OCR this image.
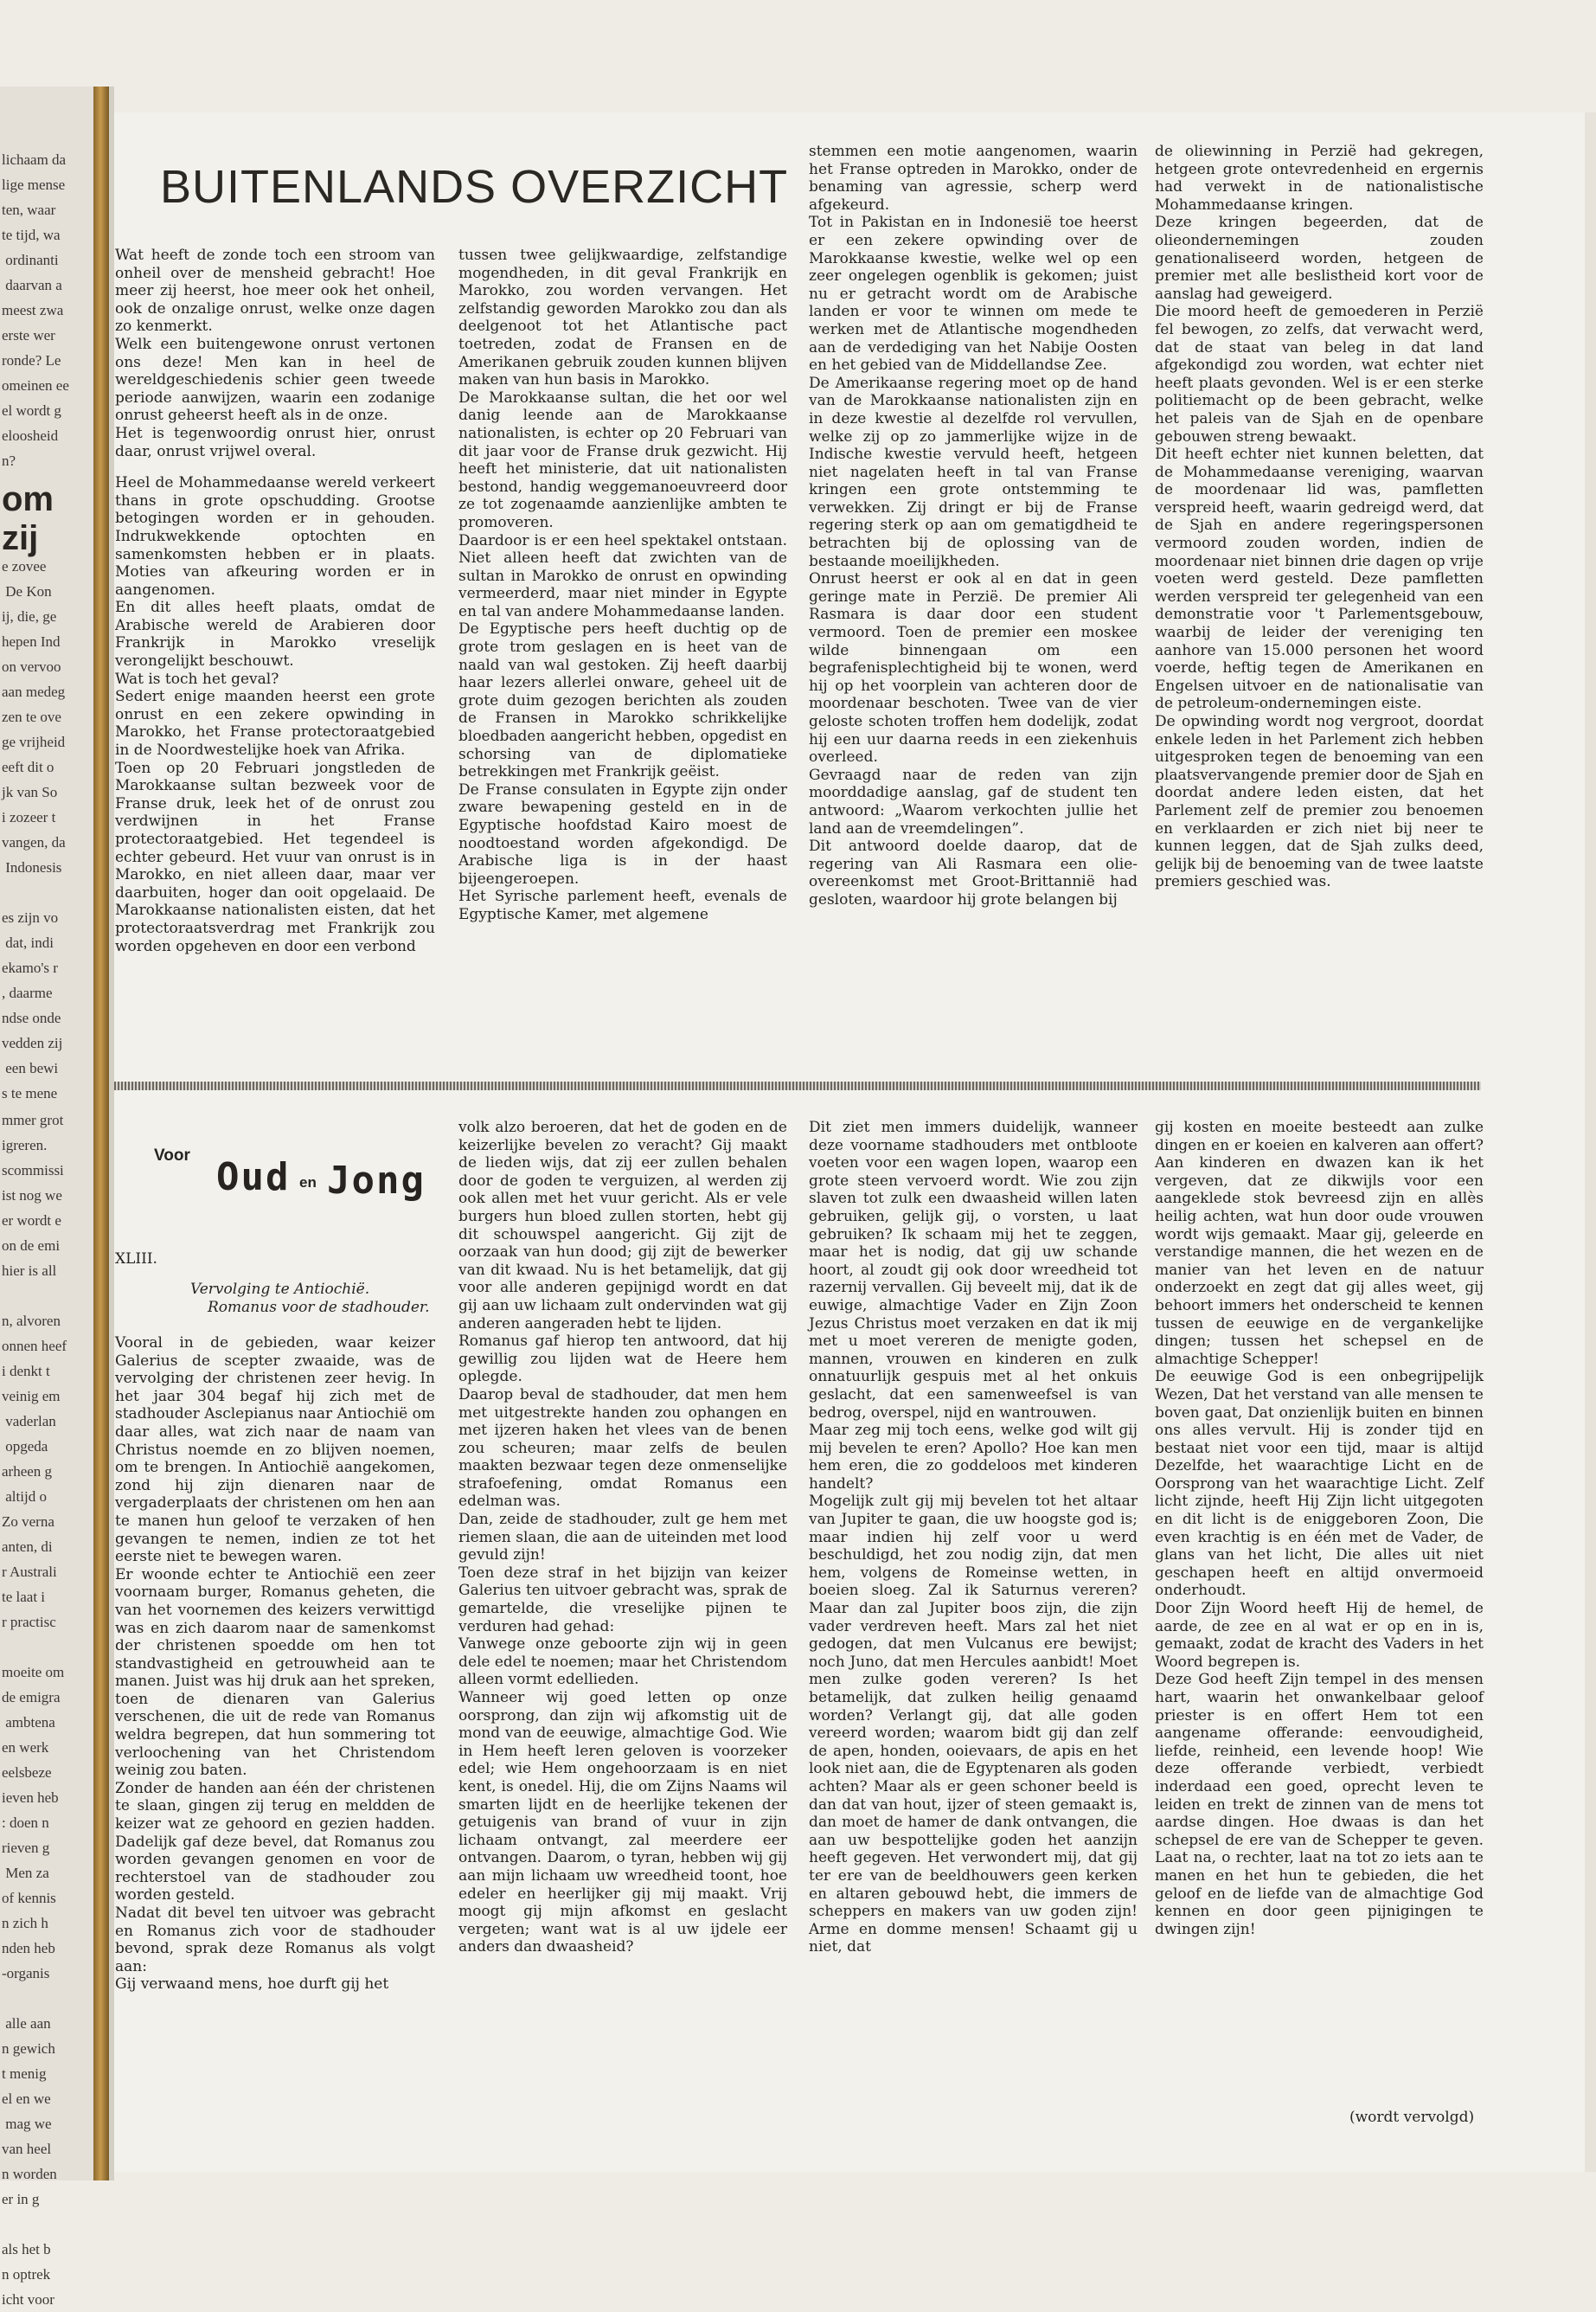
lichaam da
lige mense
ten, waar
te tijd, wa
ordinanti
daarvan a
meest zwa
erste wer
ronde? Le
omeinen ee
el wordt g
eloosheid
n?
om zij
e zovee
De Kon
ij, die, ge
hepen Ind
on vervoo
aan medeg
zen te ove
ge vrijheid
eeft dit o
jk van So
i zozeer t
vangen, da
Indonesis

es zijn vo
dat, indi
ekamo's r
, daarme
ndse onde
vedden zij
een bewi
s te mene
mmer grot
igreren.
scommissi
ist nog we
er wordt e
on de emi
hier is all

n, alvoren
onnen heef
i denkt t
veinig em
vaderlan
opgeda
arheen g
altijd o
Zo verna
anten, di
r Australi
te laat i
r practisc

moeite om
de emigra
ambtena
en werk
eelsbeze
ieven heb
: doen n
rieven g
Men za
of kennis
n zich h
nden heb
-organis

alle aan
n gewich
t menig
el en we
mag we
van heel
n worden
er in g

als het b
n optrek
icht voor
BUITENLANDS OVERZICHT

Wat heeft de zonde toch een stroom van onheil over de mensheid gebracht! Hoe meer zij heerst, hoe meer ook het onheil, ook de onzalige onrust, welke onze dagen zo kenmerkt.

Welk een buitengewone onrust vertonen ons deze! Men kan in heel de wereldgeschiedenis schier geen tweede periode aanwijzen, waarin een zodanige onrust geheerst heeft als in de onze.

Het is tegenwoordig onrust hier, onrust daar, onrust vrijwel overal.

Heel de Mohammedaanse wereld verkeert thans in grote opschudding. Grootse betogingen worden er in gehouden. Indrukwekkende optochten en samenkomsten hebben er in plaats. Moties van afkeuring worden er in aangenomen.

En dit alles heeft plaats, omdat de Arabische wereld de Arabieren door Frankrijk in Marokko vreselijk verongelijkt beschouwt.

Wat is toch het geval?

Sedert enige maanden heerst een grote onrust en een zekere opwinding in Marokko, het Franse protectoraatgebied in de Noordwestelijke hoek van Afrika.

Toen op 20 Februari jongstleden de Marokkaanse sultan bezweek voor de Franse druk, leek het of de onrust zou verdwijnen in het Franse protectoraatgebied. Het tegendeel is echter gebeurd. Het vuur van onrust is in Marokko, en niet alleen daar, maar ver daarbuiten, hoger dan ooit opgelaaid. De Marokkaanse nationalisten eisten, dat het protectoraatsverdrag met Frankrijk zou worden opgeheven en door een verbond

tussen twee gelijkwaardige, zelfstandige mogendheden, in dit geval Frankrijk en Marokko, zou worden vervangen. Het zelfstandig geworden Marokko zou dan als deelgenoot tot het Atlantische pact toetreden, zodat de Fransen en de Amerikanen gebruik zouden kunnen blijven maken van hun basis in Marokko.

De Marokkaanse sultan, die het oor wel danig leende aan de Marokkaanse nationalisten, is echter op 20 Februari van dit jaar voor de Franse druk gezwicht. Hij heeft het ministerie, dat uit nationalisten bestond, handig weggemanoeuvreerd door ze tot zogenaamde aanzienlijke ambten te promoveren.

Daardoor is er een heel spektakel ontstaan. Niet alleen heeft dat zwichten van de sultan in Marokko de onrust en opwinding vermeerderd, maar niet minder in Egypte en tal van andere Mohammedaanse landen.

De Egyptische pers heeft duchtig op de grote trom geslagen en is heet van de naald van wal gestoken. Zij heeft daarbij haar lezers allerlei onware, geheel uit de grote duim gezogen berichten als zouden de Fransen in Marokko schrikkelijke bloedbaden aangericht hebben, opgedist en schorsing van de diplomatieke betrekkingen met Frankrijk geëist.

De Franse consulaten in Egypte zijn onder zware bewapening gesteld en in de Egyptische hoofdstad Kairo moest de noodtoestand worden afgekondigd. De Arabische liga is in der haast bijeengeroepen.

Het Syrische parlement heeft, evenals de Egyptische Kamer, met algemene

stemmen een motie aangenomen, waarin het Franse optreden in Marokko, onder de benaming van agressie, scherp werd afgekeurd.

Tot in Pakistan en in Indonesië toe heerst er een zekere opwinding over de Marokkaanse kwestie, welke wel op een zeer ongelegen ogenblik is gekomen; juist nu er getracht wordt om de Arabische landen er voor te winnen om mede te werken met de Atlantische mogendheden aan de verdediging van het Nabije Oosten en het gebied van de Middellandse Zee.

De Amerikaanse regering moet op de hand van de Marokkaanse nationalisten zijn en in deze kwestie al dezelfde rol vervullen, welke zij op zo jammerlijke wijze in de Indische kwestie vervuld heeft, hetgeen niet nagelaten heeft in tal van Franse kringen een grote ontstemming te verwekken. Zij dringt er bij de Franse regering sterk op aan om gematigdheid te betrachten bij de oplossing van de bestaande moeilijkheden.

Onrust heerst er ook al en dat in geen geringe mate in Perzië. De premier Ali Rasmara is daar door een student vermoord. Toen de premier een moskee wilde binnengaan om een begrafenisplechtigheid bij te wonen, werd hij op het voorplein van achteren door de moordenaar beschoten. Twee van de vier geloste schoten troffen hem dodelijk, zodat hij een uur daarna reeds in een ziekenhuis overleed.

Gevraagd naar de reden van zijn moorddadige aanslag, gaf de student ten antwoord: „Waarom verkochten jullie het land aan de vreemdelingen”.

Dit antwoord doelde daarop, dat de regering van Ali Rasmara een olie-overeenkomst met Groot-Brittannië had gesloten, waardoor hij grote belangen bij

de oliewinning in Perzië had gekregen, hetgeen grote ontevredenheid en ergernis had verwekt in de nationalistische Mohammedaanse kringen.

Deze kringen begeerden, dat de olieondernemingen zouden genationaliseerd worden, hetgeen de premier met alle beslistheid kort voor de aanslag had geweigerd.

Die moord heeft de gemoederen in Perzië fel bewogen, zo zelfs, dat verwacht werd, dat de staat van beleg in dat land afgekondigd zou worden, wat echter niet heeft plaats gevonden. Wel is er een sterke politiemacht op de been gebracht, welke het paleis van de Sjah en de openbare gebouwen streng bewaakt.

Dit heeft echter niet kunnen beletten, dat de Mohammedaanse vereniging, waarvan de moordenaar lid was, pamfletten verspreid heeft, waarin gedreigd werd, dat de Sjah en andere regeringspersonen vermoord zouden worden, indien de moordenaar niet binnen drie dagen op vrije voeten werd gesteld. Deze pamfletten werden verspreid ter gelegenheid van een demonstratie voor 't Parlementsgebouw, waarbij de leider der vereniging ten aanhore van 15.000 personen het woord voerde, heftig tegen de Amerikanen en Engelsen uitvoer en de nationalisatie van de petroleum-ondernemingen eiste.

De opwinding wordt nog vergroot, doordat enkele leden in het Parlement zich hebben uitgesproken tegen de benoeming van een plaatsvervangende premier door de Sjah en doordat andere leden eisten, dat het Parlement zelf de premier zou benoemen en verklaarden er zich niet bij neer te kunnen leggen, dat de Sjah zulks deed, gelijk bij de benoeming van de twee laatste premiers geschied was.

Voor Oud en Jong
XLIII.
Vervolging te Antiochië.
Romanus voor de stadhouder.

Vooral in de gebieden, waar keizer Galerius de scepter zwaaide, was de vervolging der christenen zeer hevig. In het jaar 304 begaf hij zich met de stadhouder Asclepianus naar Antiochië om daar alles, wat zich naar de naam van Christus noemde en zo blijven noemen, om te brengen. In Antiochië aangekomen, zond hij zijn dienaren naar de vergaderplaats der christenen om hen aan te manen hun geloof te verzaken of hen gevangen te nemen, indien ze tot het eerste niet te bewegen waren.

Er woonde echter te Antiochië een zeer voornaam burger, Romanus geheten, die van het voornemen des keizers verwittigd was en zich daarom naar de samenkomst der christenen spoedde om hen tot standvastigheid en getrouwheid aan te manen. Juist was hij druk aan het spreken, toen de dienaren van Galerius verschenen, die uit de rede van Romanus weldra begrepen, dat hun sommering tot verloochening van het Christendom weinig zou baten.

Zonder de handen aan één der christenen te slaan, gingen zij terug en meldden de keizer wat ze gehoord en gezien hadden. Dadelijk gaf deze bevel, dat Romanus zou worden gevangen genomen en voor de rechterstoel van de stadhouder zou worden gesteld.

Nadat dit bevel ten uitvoer was gebracht en Romanus zich voor de stadhouder bevond, sprak deze Romanus als volgt aan:

Gij verwaand mens, hoe durft gij het

volk alzo beroeren, dat het de goden en de keizerlijke bevelen zo veracht? Gij maakt de lieden wijs, dat zij eer zullen behalen door de goden te verguizen, al werden zij ook allen met het vuur gericht. Als er vele burgers hun bloed zullen storten, hebt gij dit schouwspel aangericht. Gij zijt de oorzaak van hun dood; gij zijt de bewerker van dit kwaad. Nu is het betamelijk, dat gij voor alle anderen gepijnigd wordt en dat gij aan uw lichaam zult ondervinden wat gij anderen aangeraden hebt te lijden.

Romanus gaf hierop ten antwoord, dat hij gewillig zou lijden wat de Heere hem oplegde.

Daarop beval de stadhouder, dat men hem met uitgestrekte handen zou ophangen en met ijzeren haken het vlees van de benen zou scheuren; maar zelfs de beulen maakten bezwaar tegen deze onmenselijke strafoefening, omdat Romanus een edelman was.

Dan, zeide de stadhouder, zult ge hem met riemen slaan, die aan de uiteinden met lood gevuld zijn!

Toen deze straf in het bijzijn van keizer Galerius ten uitvoer gebracht was, sprak de gemartelde, die vreselijke pijnen te verduren had gehad:

Vanwege onze geboorte zijn wij in geen dele edel te noemen; maar het Christendom alleen vormt edellieden.

Wanneer wij goed letten op onze oorsprong, dan zijn wij afkomstig uit de mond van de eeuwige, almachtige God. Wie in Hem heeft leren geloven is voorzeker edel; wie Hem ongehoorzaam is en niet kent, is onedel. Hij, die om Zijns Naams wil smarten lijdt en de heerlijke tekenen der getuigenis van brand of vuur in zijn lichaam ontvangt, zal meerdere eer ontvangen. Daarom, o tyran, hebben wij gij aan mijn lichaam uw wreedheid toont, hoe edeler en heerlijker gij mij maakt. Vrij moogt gij mijn afkomst en geslacht vergeten; want wat is al uw ijdele eer anders dan dwaasheid?

Dit ziet men immers duidelijk, wanneer deze voorname stadhouders met ontbloote voeten voor een wagen lopen, waarop een grote steen vervoerd wordt. Wie zou zijn slaven tot zulk een dwaasheid willen laten gebruiken, gelijk gij, o vorsten, u laat gebruiken? Ik schaam mij het te zeggen, maar het is nodig, dat gij uw schande hoort, al zoudt gij ook door wreedheid tot razernij vervallen. Gij beveelt mij, dat ik de euwige, almachtige Vader en Zijn Zoon Jezus Christus moet verzaken en dat ik mij met u moet vereren de menigte goden, mannen, vrouwen en kinderen en zulk onnatuurlijk gespuis met al het onkuis geslacht, dat een samenweefsel is van bedrog, overspel, nijd en wantrouwen.

Maar zeg mij toch eens, welke god wilt gij mij bevelen te eren? Apollo? Hoe kan men hem eren, die zo goddeloos met kinderen handelt?

Mogelijk zult gij mij bevelen tot het altaar van Jupiter te gaan, die uw hoogste god is; maar indien hij zelf voor u werd beschuldigd, het zou nodig zijn, dat men hem, volgens de Romeinse wetten, in boeien sloeg. Zal ik Saturnus vereren? Maar dan zal Jupiter boos zijn, die zijn vader verdreven heeft. Mars zal het niet gedogen, dat men Vulcanus ere bewijst; noch Juno, dat men Hercules aanbidt! Moet men zulke goden vereren? Is het betamelijk, dat zulken heilig genaamd worden? Verlangt gij, dat alle goden vereerd worden; waarom bidt gij dan zelf de apen, honden, ooievaars, de apis en het look niet aan, die de Egyptenaren als goden achten? Maar als er geen schoner beeld is dan dat van hout, ijzer of steen gemaakt is, dan moet de hamer de dank ontvangen, die aan uw bespottelijke goden het aanzijn heeft gegeven. Het verwondert mij, dat gij ter ere van de beeldhouwers geen kerken en altaren gebouwd hebt, die immers de scheppers en makers van uw goden zijn! Arme en domme mensen! Schaamt gij u niet, dat

gij kosten en moeite besteedt aan zulke dingen en er koeien en kalveren aan offert? Aan kinderen en dwazen kan ik het vergeven, dat ze dikwijls voor een aangeklede stok bevreesd zijn en allès heilig achten, wat hun door oude vrouwen wordt wijs gemaakt. Maar gij, geleerde en verstandige mannen, die het wezen en de manier van het leven en de natuur onderzoekt en zegt dat gij alles weet, gij behoort immers het onderscheid te kennen tussen de eeuwige en de vergankelijke dingen; tussen het schepsel en de almachtige Schepper!

De eeuwige God is een onbegrijpelijk Wezen, Dat het verstand van alle mensen te boven gaat, Dat onzienlijk buiten en binnen ons alles vervult. Hij is zonder tijd en bestaat niet voor een tijd, maar is altijd Dezelfde, het waarachtige Licht en de Oorsprong van het waarachtige Licht. Zelf licht zijnde, heeft Hij Zijn licht uitgegoten en dit licht is de eniggeboren Zoon, Die even krachtig is en één met de Vader, de glans van het licht, Die alles uit niet geschapen heeft en altijd onvermoeid onderhoudt.

Door Zijn Woord heeft Hij de hemel, de aarde, de zee en al wat er op en in is, gemaakt, zodat de kracht des Vaders in het Woord begrepen is.

Deze God heeft Zijn tempel in des mensen hart, waarin het onwankelbaar geloof priester is en offert Hem tot een aangename offerande: eenvoudigheid, liefde, reinheid, een levende hoop! Wie deze offerande verbiedt, verbiedt inderdaad een goed, oprecht leven te leiden en trekt de zinnen van de mens tot aardse dingen. Hoe dwaas is dan het schepsel de ere van de Schepper te geven. Laat na, o rechter, laat na tot zo iets aan te manen en het hun te gebieden, die het geloof en de liefde van de almachtige God kennen en door geen pijnigingen te dwingen zijn!

(wordt vervolgd)
